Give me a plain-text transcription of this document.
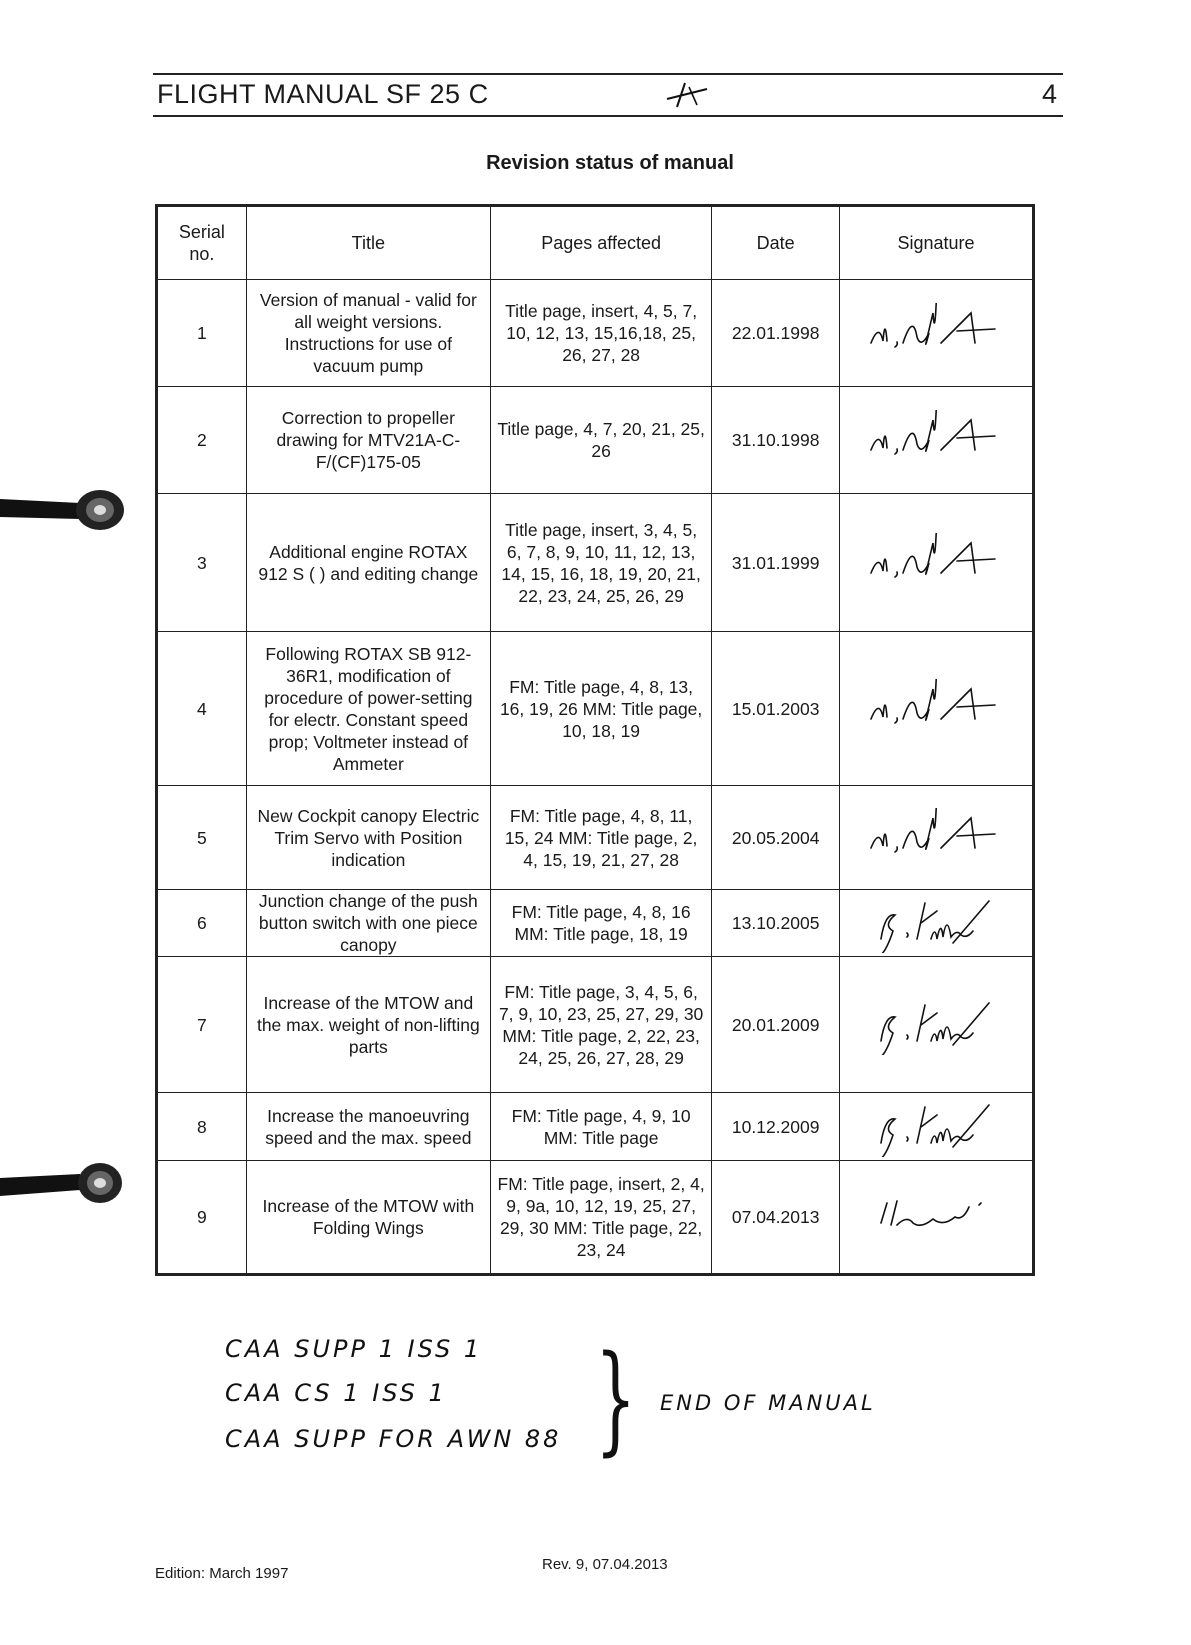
FLIGHT MANUAL SF 25 C	4
Revision status of manual
Serial no.	Title	Pages affected	Date	Signature
1	Version of manual - valid for all weight versions. Instructions for use of vacuum pump	Title page, insert, 4, 5, 7, 10, 12, 13, 15,16,18, 25, 26, 27, 28	22.01.1998	

2	Correction to propeller drawing for MTV21A-C-F/(CF)175-05	Title page, 4, 7, 20, 21, 25, 26	31.10.1998	

3	Additional engine ROTAX 912 S ( ) and editing change	Title page, insert, 3, 4, 5, 6, 7, 8, 9, 10, 11, 12, 13, 14, 15, 16, 18, 19, 20, 21, 22, 23, 24, 25, 26, 29	31.01.1999	

4	Following ROTAX SB 912-36R1, modification of procedure of power-setting for electr. Constant speed prop; Voltmeter instead of Ammeter	FM: Title page, 4, 8, 13, 16, 19, 26 MM: Title page, 10, 18, 19	15.01.2003	

5	New Cockpit canopy Electric Trim Servo with Position indication	FM: Title page, 4, 8, 11, 15, 24 MM: Title page, 2, 4, 15, 19, 21, 27, 28	20.05.2004	

6	Junction change of the push button switch with one piece canopy	FM: Title page, 4, 8, 16 MM: Title page, 18, 19	13.10.2005	

7	Increase of the MTOW and the max. weight of non-lifting parts	FM: Title page, 3, 4, 5, 6, 7, 9, 10, 23, 25, 27, 29, 30 MM: Title page, 2, 22, 23, 24, 25, 26, 27, 28, 29	20.01.2009	

8	Increase the manoeuvring speed and the max. speed	FM: Title page, 4, 9, 10 MM: Title page	10.12.2009	

9	Increase of the MTOW with Folding Wings	FM: Title page, insert, 2, 4, 9, 9a, 10, 12, 19, 25, 27, 29, 30 MM: Title page, 22, 23, 24	07.04.2013	
CAA SUPP 1 ISS 1
CAA CS 1 ISS 1
CAA SUPP FOR AWN 88 } END OF MANUAL
Edition: March 1997
Rev. 9, 07.04.2013
